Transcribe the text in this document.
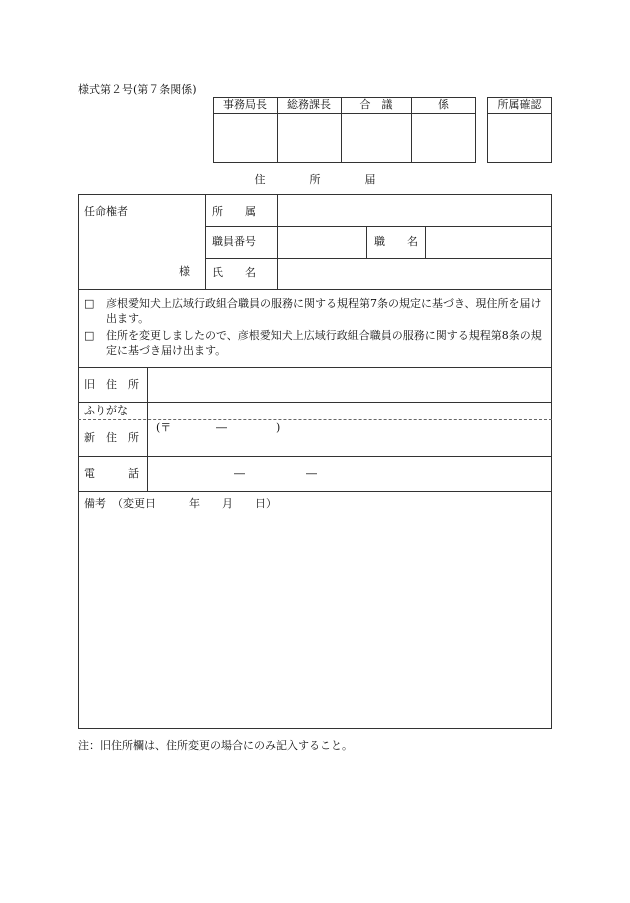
様式第２号(第７条関係)
事務局長	総務課長	合　議	係	所属確認
住　　　　所　　　　届
任命権者
様
所　　属
職員番号	職　　名
氏　　名
□	彦根愛知犬上広域行政組合職員の服務に関する規程第7条の規定に基づき、現住所を届け出ます。
□	住所を変更しましたので、彦根愛知犬上広域行政組合職員の服務に関する規程第8条の規定に基づき届け出ます。
旧　住　所
ふりがな
新　住　所
(〒	―	)
電　　　話	―	―
備考 （変更日　　　年　　月　　日）
注：旧住所欄は、住所変更の場合にのみ記入すること。
